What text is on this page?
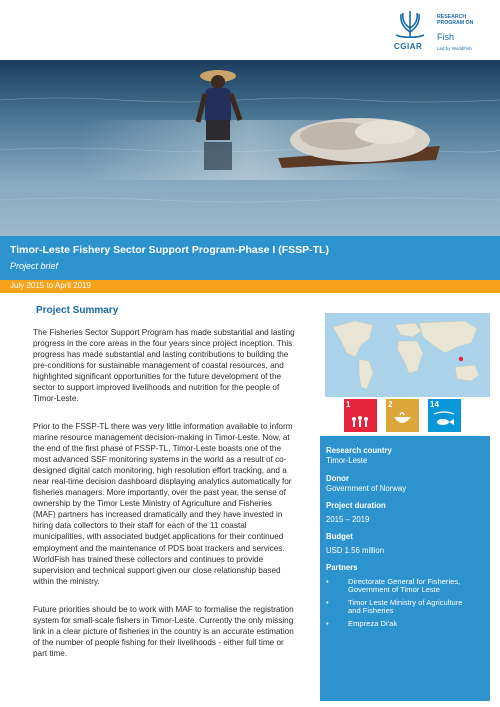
CGIAR
RESEARCH PROGRAM ON
Fish
Led by WorldFish
Timor-Leste Fishery Sector Support Program-Phase I (FSSP-TL)
Project brief
July 2015 to April 2019
Project Summary
The Fisheries Sector Support Program has made substantial and lasting
progress in the core areas in the four years since project inception. This
progress has made substantial and lasting contributions to building the
pre-conditions for sustainable management of coastal resources, and
highlighted significant opportunities for the future development of the
sector to support improved livelihoods and nutrition for the people of
Timor-Leste.
Prior to the FSSP-TL there was very little information available to inform
marine resource management decision-making in Timor-Leste. Now, at
the end of the first phase of FSSP-TL, Timor-Leste boasts one of the
most advanced SSF monitoring systems in the world as a result of co-
designed digital catch monitoring, high resolution effort tracking, and a
near real-time decision dashboard displaying analytics automatically for
fisheries managers. More importantly, over the past year, the sense of
ownership by the Timor Leste Ministry of Agriculture and Fisheries
(MAF) partners has increased dramatically and they have invested in
hiring data collectors to their staff for each of the 11 coastal
municipalities, with associated budget applications for their continued
employment and the maintenance of PDS boat trackers and services.
WorldFish has trained these collectors and continues to provide
supervision and technical support given our close relationship based
within the ministry.
Future priorities should be to work with MAF to formalise the registration
system for small-scale fishers in Timor-Leste. Currently the only missing
link in a clear picture of fisheries in the country is an accurate estimation
of the number of people fishing for their livelihoods - either full time or
part time.
1	2	14
Research country
Timor-Leste
Donor
Government of Norway
Project duration
2015 – 2019
Budget
USD 1.56 million
Partners
•	Directorate General for Fisheries,
Government of Timor Leste
•	Timor Leste Ministry of Agriculture
and Fisheries
•	Empreza Di'ak
